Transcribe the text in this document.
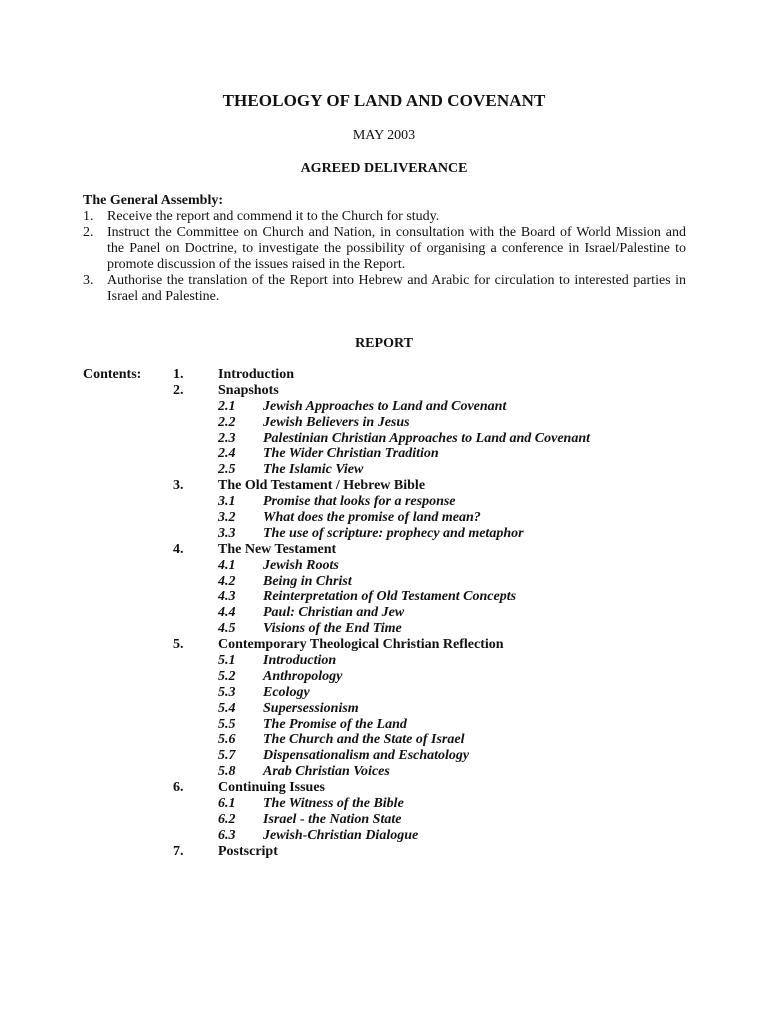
THEOLOGY OF LAND AND COVENANT
MAY 2003
AGREED DELIVERANCE
The General Assembly:
1. Receive the report and commend it to the Church for study.
2. Instruct the Committee on Church and Nation, in consultation with the Board of World Mission and the Panel on Doctrine, to investigate the possibility of organising a conference in Israel/Palestine to promote discussion of the issues raised in the Report.
3. Authorise the translation of the Report into Hebrew and Arabic for circulation to interested parties in Israel and Palestine.
REPORT
Contents: 1.	Introduction
2.	Snapshots
2.1	Jewish Approaches to Land and Covenant
2.2	Jewish Believers in Jesus
2.3	Palestinian Christian Approaches to Land and Covenant
2.4	The Wider Christian Tradition
2.5	The Islamic View
3.	The Old Testament / Hebrew Bible
3.1	Promise that looks for a response
3.2	What does the promise of land mean?
3.3	The use of scripture: prophecy and metaphor
4.	The New Testament
4.1	Jewish Roots
4.2	Being in Christ
4.3	Reinterpretation of Old Testament Concepts
4.4	Paul: Christian and Jew
4.5	Visions of the End Time
5.	Contemporary Theological Christian Reflection
5.1	Introduction
5.2	Anthropology
5.3	Ecology
5.4	Supersessionism
5.5	The Promise of the Land
5.6	The Church and the State of Israel
5.7	Dispensationalism and Eschatology
5.8	Arab Christian Voices
6.	Continuing Issues
6.1	The Witness of the Bible
6.2	Israel - the Nation State
6.3	Jewish-Christian Dialogue
7.	Postscript
